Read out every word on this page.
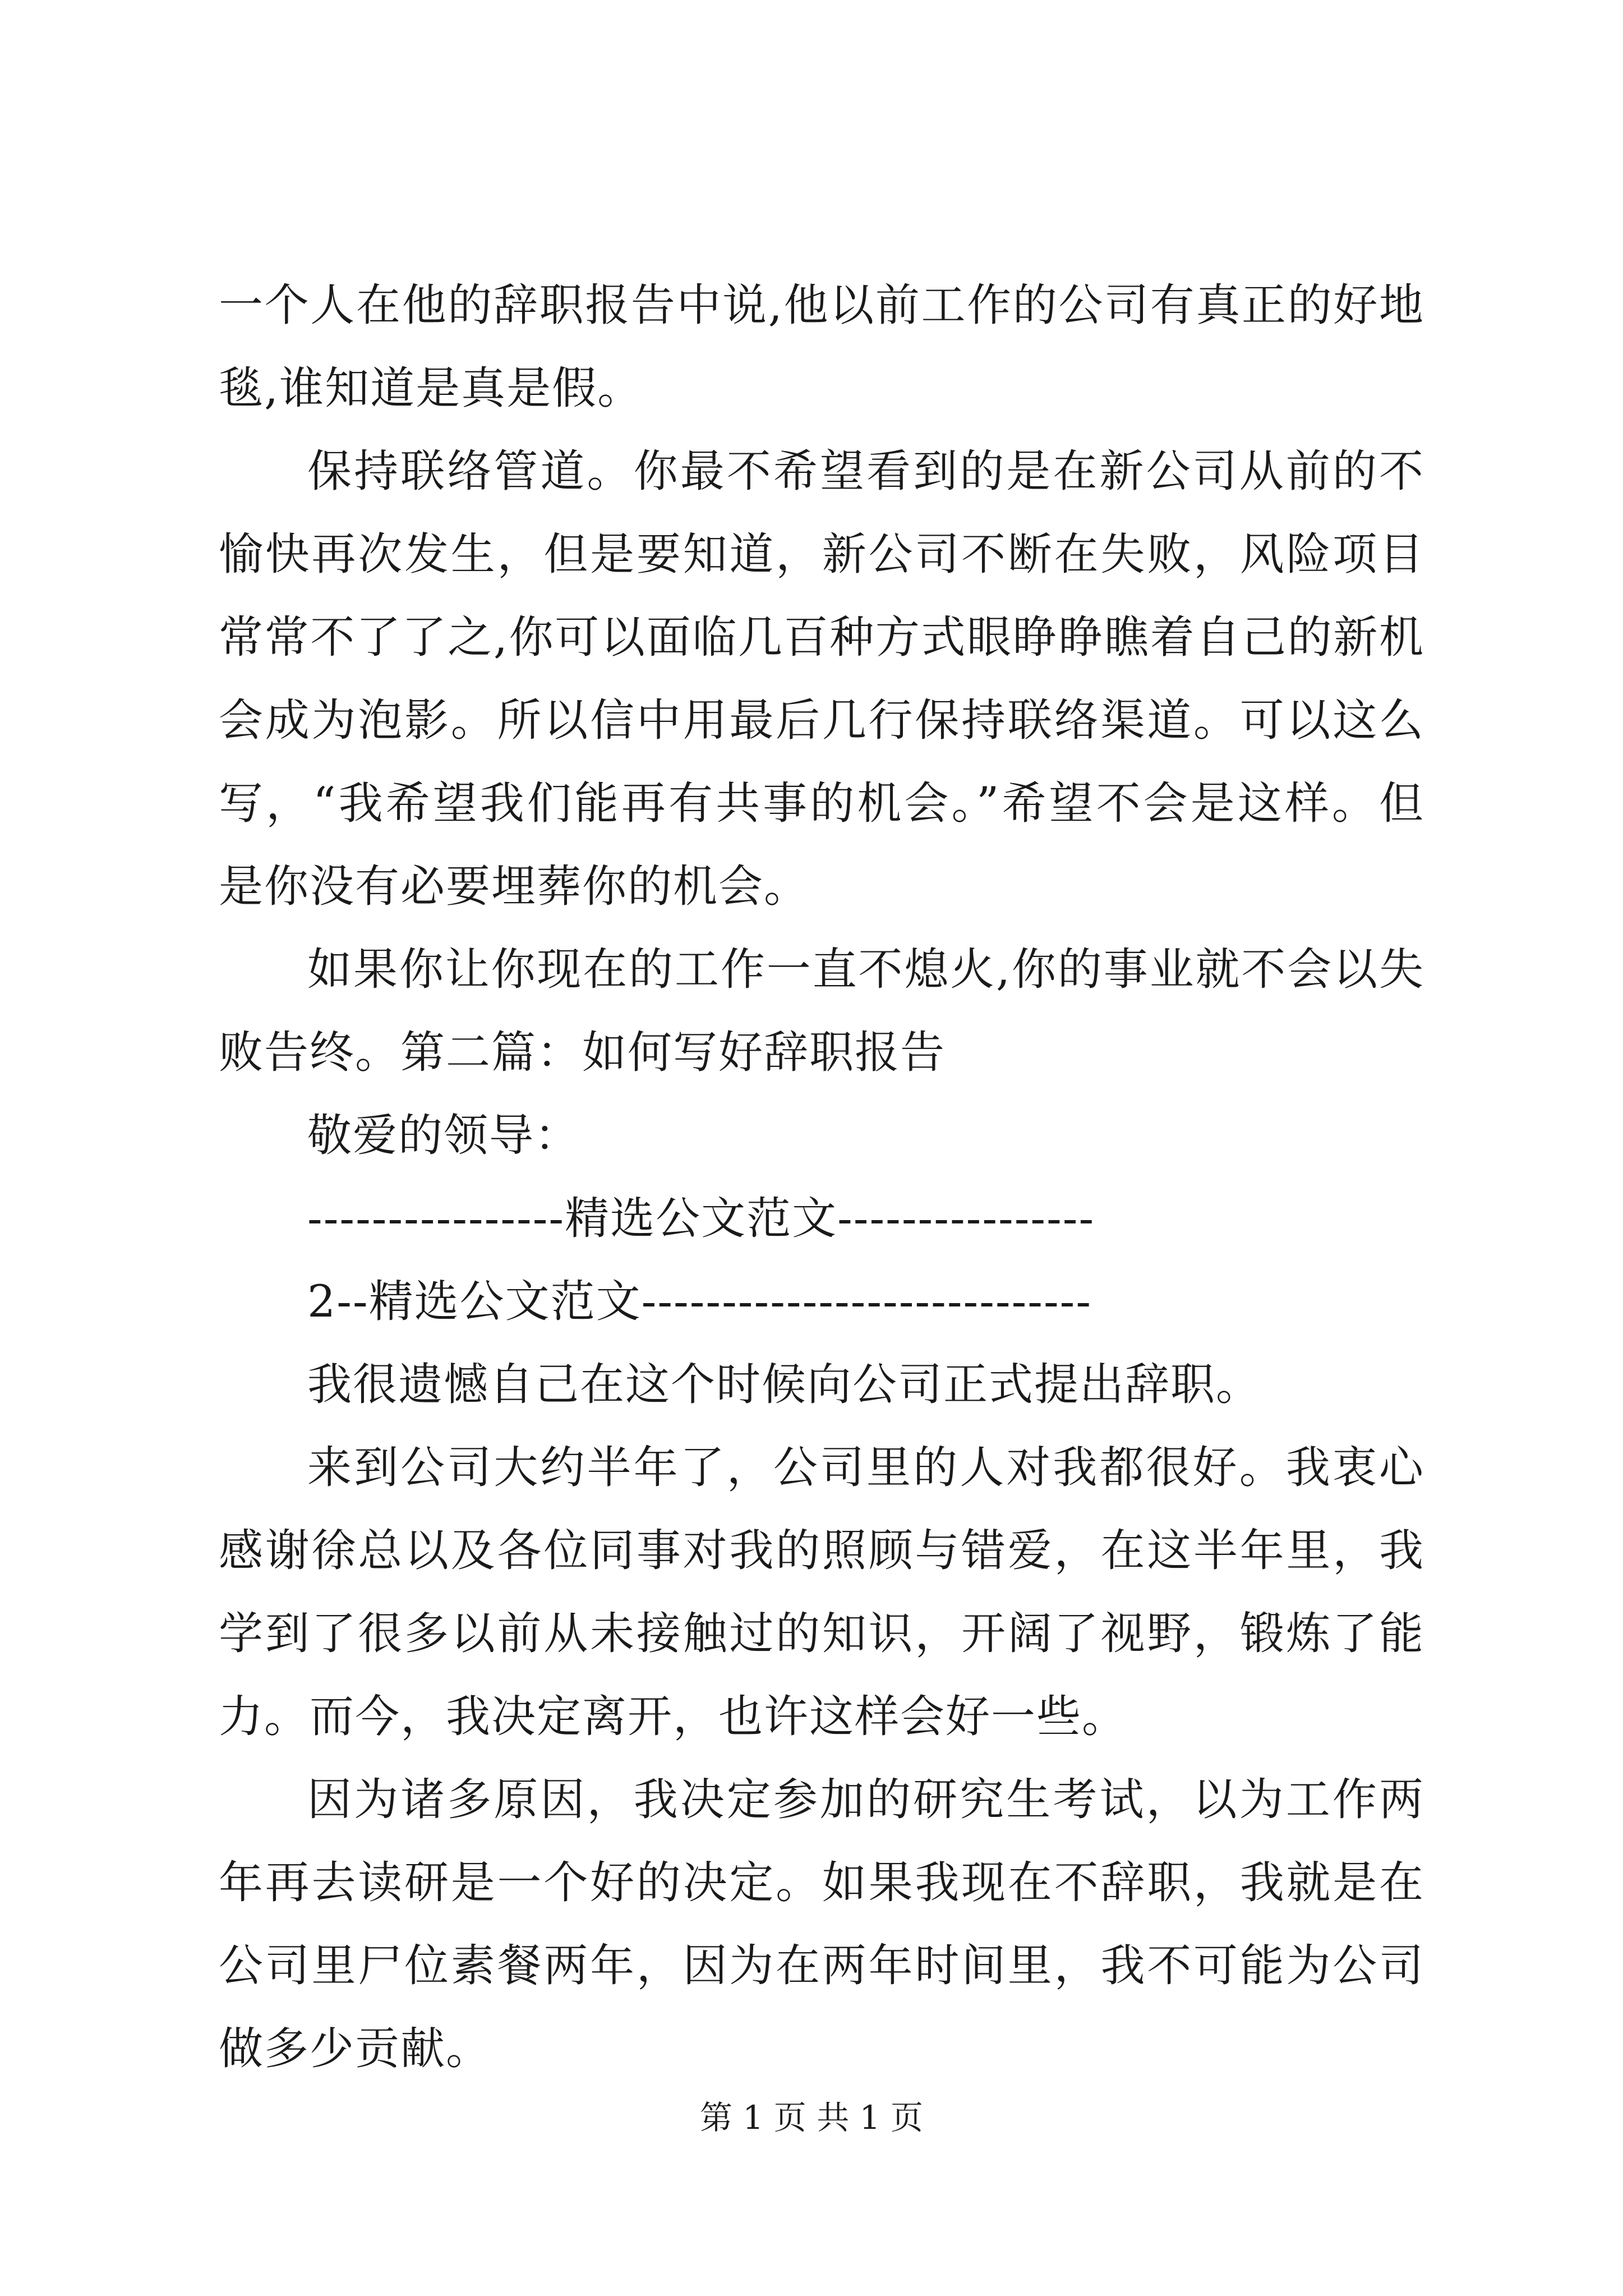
一个人在他的辞职报告中说,他以前工作的公司有真正的好地毯,谁知道是真是假。

保持联络管道。你最不希望看到的是在新公司从前的不愉快再次发生，但是要知道，新公司不断在失败，风险项目常常不了了之,你可以面临几百种方式眼睁睁瞧着自己的新机会成为泡影。所以信中用最后几行保持联络渠道。可以这么写，“我希望我们能再有共事的机会。”希望不会是这样。但是你没有必要埋葬你的机会。

如果你让你现在的工作一直不熄火,你的事业就不会以失败告终。第二篇：如何写好辞职报告

敬爱的领导：

----------------精选公文范文----------------

2--精选公文范文----------------------------

我很遗憾自己在这个时候向公司正式提出辞职。

来到公司大约半年了，公司里的人对我都很好。我衷心感谢徐总以及各位同事对我的照顾与错爱，在这半年里，我学到了很多以前从未接触过的知识，开阔了视野，锻炼了能力。而今，我决定离开，也许这样会好一些。

因为诸多原因，我决定参加的研究生考试，以为工作两年再去读研是一个好的决定。如果我现在不辞职，我就是在公司里尸位素餐两年，因为在两年时间里，我不可能为公司做多少贡献。

第 1 页 共 1 页
